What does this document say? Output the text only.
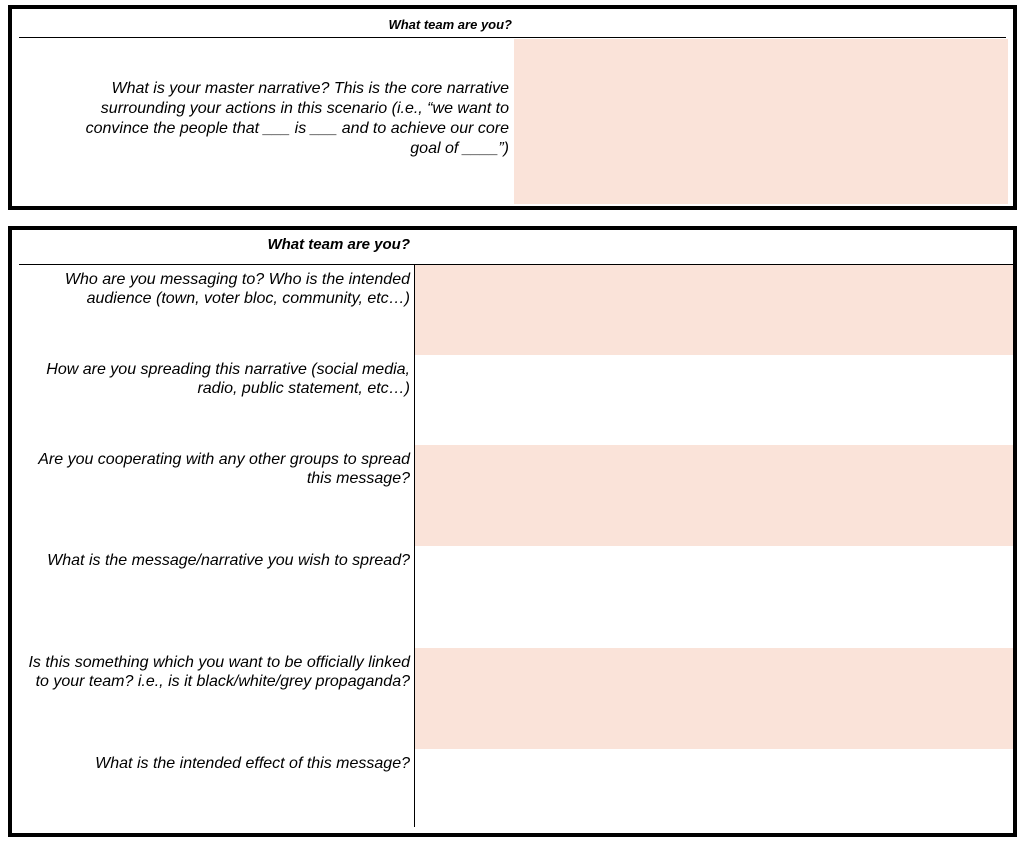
What team are you?
What is your master narrative? This is the core narrative surrounding your actions in this scenario (i.e., “we want to convince the people that ___ is ___ and to achieve our core goal of ____”)
What team are you?
Who are you messaging to? Who is the intended audience (town, voter bloc, community, etc…)
How are you spreading this narrative (social media, radio, public statement, etc…)
Are you cooperating with any other groups to spread this message?
What is the message/narrative you wish to spread?
Is this something which you want to be officially linked to your team? i.e., is it black/white/grey propaganda?
What is the intended effect of this message?
